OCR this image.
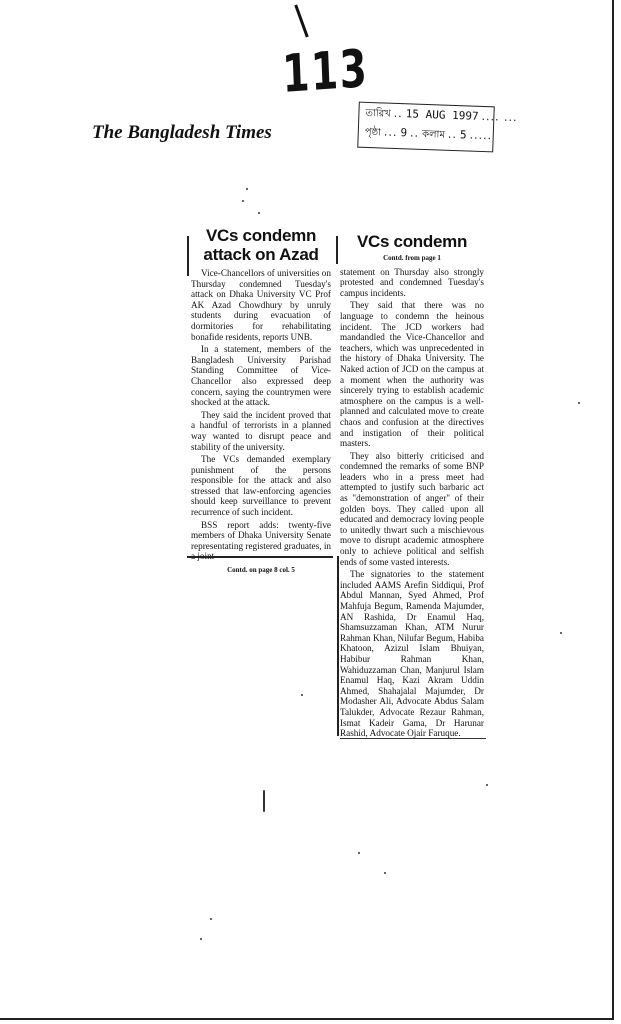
113
The Bangladesh Times
তারিখ .. 15 AUG 1997 .... ...
পৃষ্ঠা ... 9 .. কলাম .. 5 .....
VCs condemn attack on Azad

Vice-Chancellors of universities on Thursday condemned Tuesday's attack on Dhaka University VC Prof AK Azad Chowdhury by unruly students during evacuation of dormitories for rehabilitating bonafide residents, reports UNB.

In a statement, members of the Bangladesh University Parishad Standing Committee of Vice-Chancellor also expressed deep concern, saying the countrymen were shocked at the attack.

They said the incident proved that a handful of terrorists in a planned way wanted to disrupt peace and stability of the university.

The VCs demanded exemplary punishment of the persons responsible for the attack and also stressed that law-enforcing agencies should keep surveillance to prevent recurrence of such incident.

BSS report adds: twenty-five members of Dhaka University Senate representating registered graduates, in

Contd. on page 8 col. 5
VCs condemn
Contd. from page 1

statement on Thursday also strongly protested and condemned Tuesday's campus incidents.

They said that there was no language to condemn the heinous incident. The JCD workers had mandandled the Vice-Chancellor and teachers, which was unprecedented in the history of Dhaka University. The Naked action of JCD on the campus at a moment when the authority was sincerely trying to establish academic atmosphere on the campus is a well-planned and calculated move to create chaos and confusion at the directives and instigation of their political masters.

They also bitterly criticised and condemned the remarks of some BNP leaders who in a press meet had attempted to justify such barbaric act as "demonstration of anger" of their golden boys. They called upon all educated and democracy loving people to unitedly thwart such a mischievous move to disrupt academic atmosphere only to achieve political and selfish ends of some vasted interests.

The signatories to the statement included AAMS Arefin Siddiqui, Prof Abdul Mannan, Syed Ahmed, Prof Mahfuja Begum, Ramenda Majumder, AN Rashida, Dr Enamul Haq, Shamsuzzaman Khan, ATM Nurur Rahman Khan, Nilufar Begum, Habiba Khatoon, Azizul Islam Bhuiyan, Habibur Rahman Khan, Wahiduzzaman Chan, Manjurul Islam Enamul Haq, Kazi Akram Uddin Ahmed, Shahajalal Majumder, Dr Modasher Ali, Advocate Abdus Salam Talukder, Advocate Rezaur Rahman, Ismat Kadeir Gama, Dr Harunar Rashid, Advocate Ojair Faruque.
